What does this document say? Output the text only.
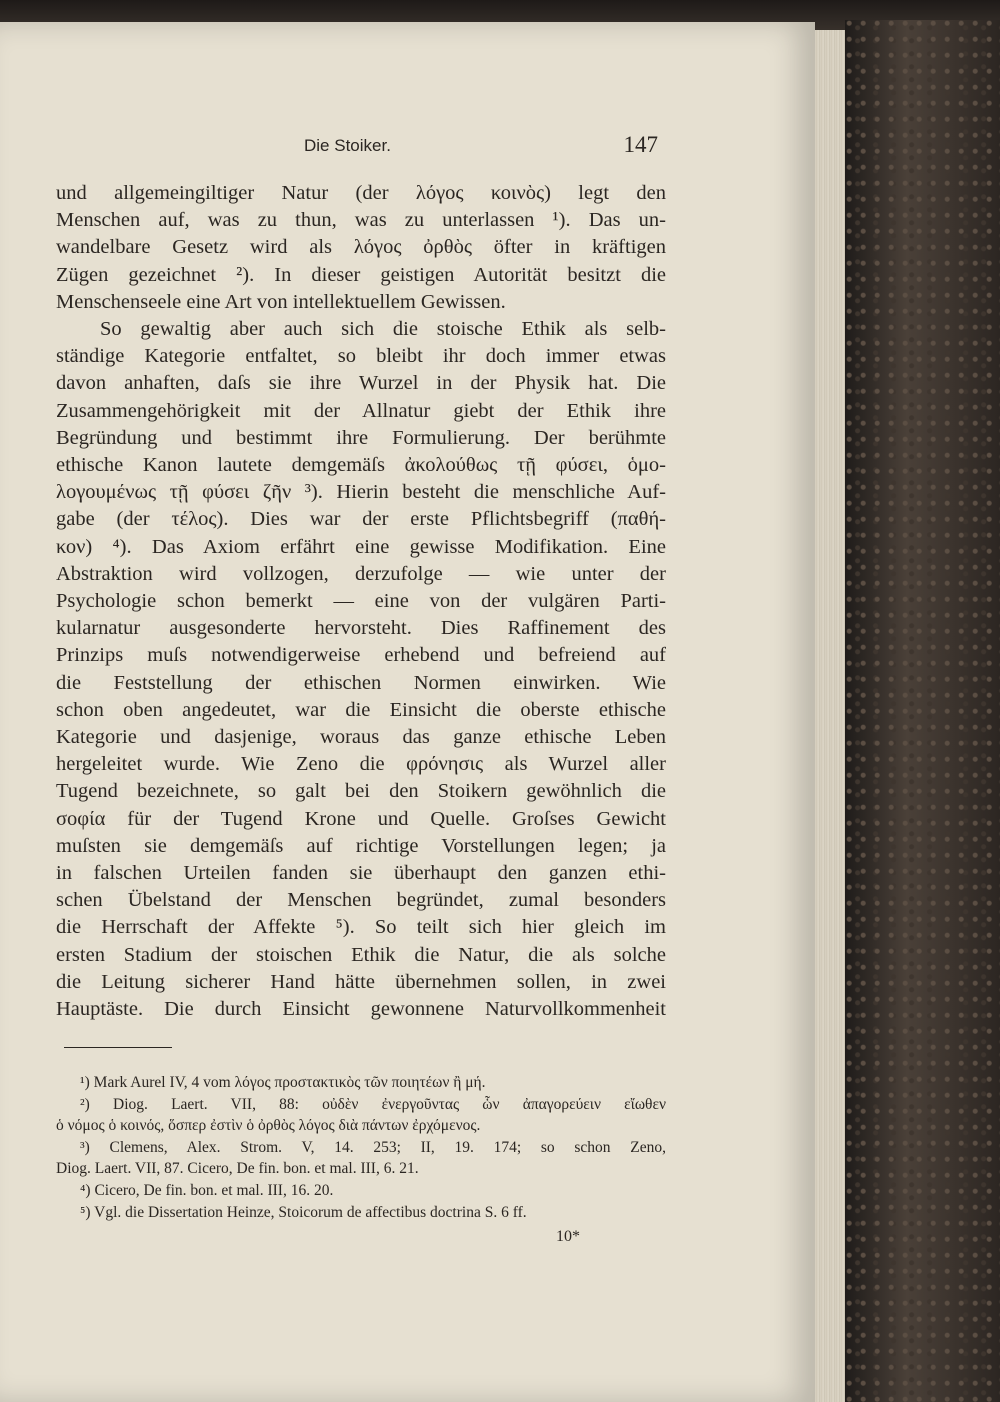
Die Stoiker.	147
und allgemeingiltiger Natur (der λόγος κοινὸς) legt den
Menschen auf, was zu thun, was zu unterlassen ¹). Das un-
wandelbare Gesetz wird als λόγος ὀρθὸς öfter in kräftigen
Zügen gezeichnet ²). In dieser geistigen Autorität besitzt die
Menschenseele eine Art von intellektuellem Gewissen.
So gewaltig aber auch sich die stoische Ethik als selb-
ständige Kategorie entfaltet, so bleibt ihr doch immer etwas
davon anhaften, daſs sie ihre Wurzel in der Physik hat. Die
Zusammengehörigkeit mit der Allnatur giebt der Ethik ihre
Begründung und bestimmt ihre Formulierung. Der berühmte
ethische Kanon lautete demgemäſs ἀκολούθως τῇ φύσει, ὁμο-
λογουμένως τῇ φύσει ζῆν ³). Hierin besteht die menschliche Auf-
gabe (der τέλος). Dies war der erste Pflichtsbegriff (παθή-
κον) ⁴). Das Axiom erfährt eine gewisse Modifikation. Eine
Abstraktion wird vollzogen, derzufolge — wie unter der
Psychologie schon bemerkt — eine von der vulgären Parti-
kularnatur ausgesonderte hervorsteht. Dies Raffinement des
Prinzips muſs notwendigerweise erhebend und befreiend auf
die Feststellung der ethischen Normen einwirken. Wie
schon oben angedeutet, war die Einsicht die oberste ethische
Kategorie und dasjenige, woraus das ganze ethische Leben
hergeleitet wurde. Wie Zeno die φρόνησις als Wurzel aller
Tugend bezeichnete, so galt bei den Stoikern gewöhnlich die
σοφία für der Tugend Krone und Quelle. Groſses Gewicht
muſsten sie demgemäſs auf richtige Vorstellungen legen; ja
in falschen Urteilen fanden sie überhaupt den ganzen ethi-
schen Übelstand der Menschen begründet, zumal besonders
die Herrschaft der Affekte ⁵). So teilt sich hier gleich im
ersten Stadium der stoischen Ethik die Natur, die als solche
die Leitung sicherer Hand hätte übernehmen sollen, in zwei
Hauptäste. Die durch Einsicht gewonnene Naturvollkommenheit
¹) Mark Aurel IV, 4 vom λόγος προστακτικὸς τῶν ποιητέων ἢ μή.
²) Diog. Laert. VII, 88: οὐδὲν ἐνεργοῦντας ὧν ἀπαγορεύειν εἴωθεν
ὁ νόμος ὁ κοινός, ὅσπερ ἐστὶν ὁ ὀρθὸς λόγος διὰ πάντων ἐρχόμενος.
³) Clemens, Alex. Strom. V, 14. 253; II, 19. 174; so schon Zeno,
Diog. Laert. VII, 87. Cicero, De fin. bon. et mal. III, 6. 21.
⁴) Cicero, De fin. bon. et mal. III, 16. 20.
⁵) Vgl. die Dissertation Heinze, Stoicorum de affectibus doctrina S. 6 ff.
10*
